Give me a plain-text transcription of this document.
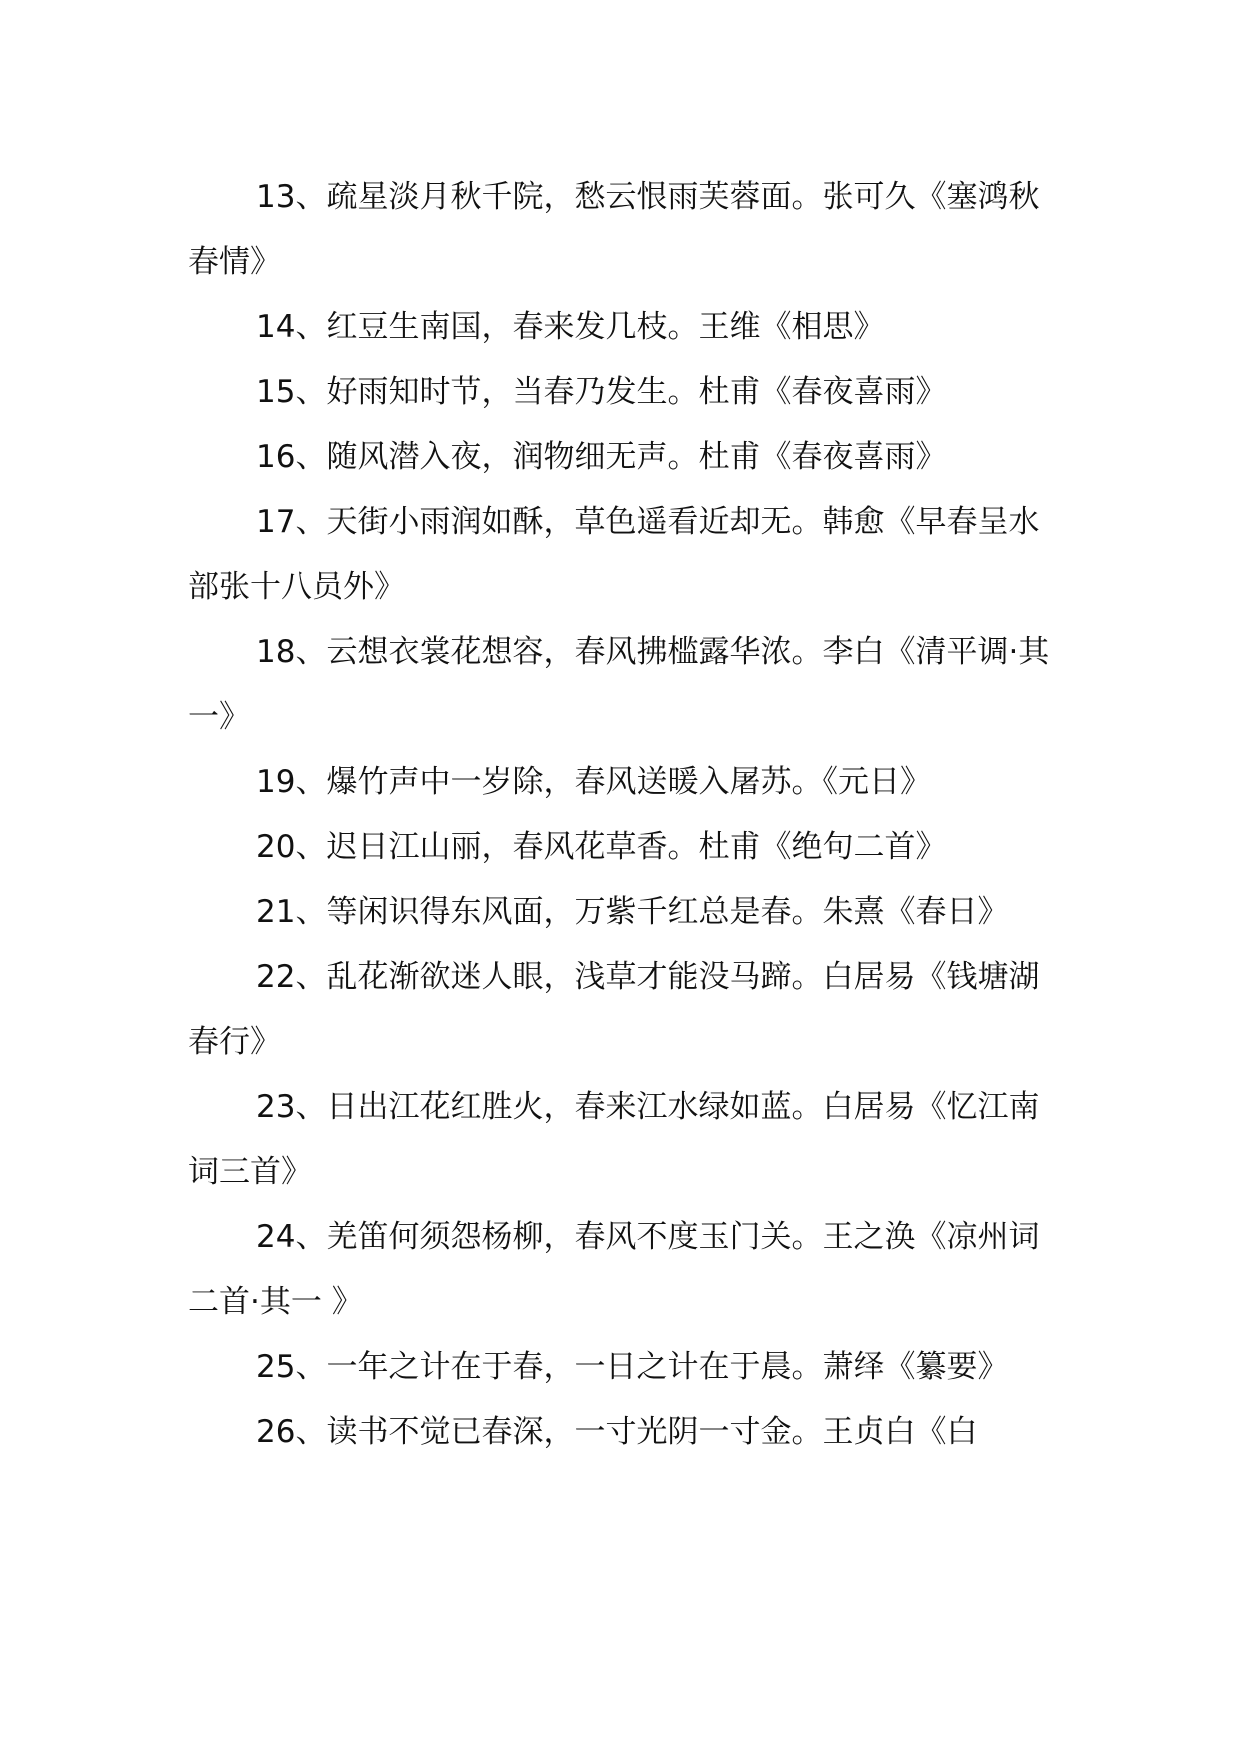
13、疏星淡月秋千院，愁云恨雨芙蓉面。张可久《塞鸿秋春情》

14、红豆生南国，春来发几枝。王维《相思》

15、好雨知时节，当春乃发生。杜甫《春夜喜雨》

16、随风潜入夜，润物细无声。杜甫《春夜喜雨》

17、天街小雨润如酥，草色遥看近却无。韩愈《早春呈水部张十八员外》

18、云想衣裳花想容，春风拂槛露华浓。李白《清平调·其一》

19、爆竹声中一岁除，春风送暖入屠苏。《元日》

20、迟日江山丽，春风花草香。杜甫《绝句二首》

21、等闲识得东风面，万紫千红总是春。朱熹《春日》

22、乱花渐欲迷人眼，浅草才能没马蹄。白居易《钱塘湖春行》

23、日出江花红胜火，春来江水绿如蓝。白居易《忆江南词三首》

24、羌笛何须怨杨柳，春风不度玉门关。王之涣《凉州词二首·其一 》

25、一年之计在于春，一日之计在于晨。萧绎《纂要》

26、读书不觉已春深，一寸光阴一寸金。王贞白《白
